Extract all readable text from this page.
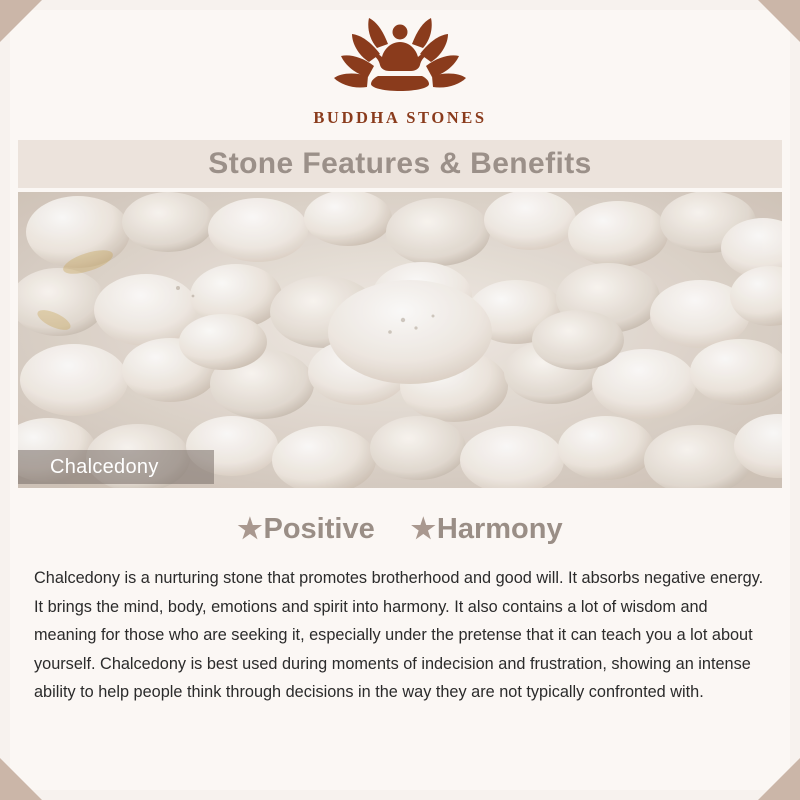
BUDDHA STONES
Stone Features & Benefits
Chalcedony
★Positive ★Harmony
Chalcedony is a nurturing stone that promotes brotherhood and good will. It absorbs negative energy. It brings the mind, body, emotions and spirit into harmony. It also contains a lot of wisdom and meaning for those who are seeking it, especially under the pretense that it can teach you a lot about yourself. Chalcedony is best used during moments of indecision and frustration, showing an intense ability to help people think through decisions in the way they are not typically confronted with.
